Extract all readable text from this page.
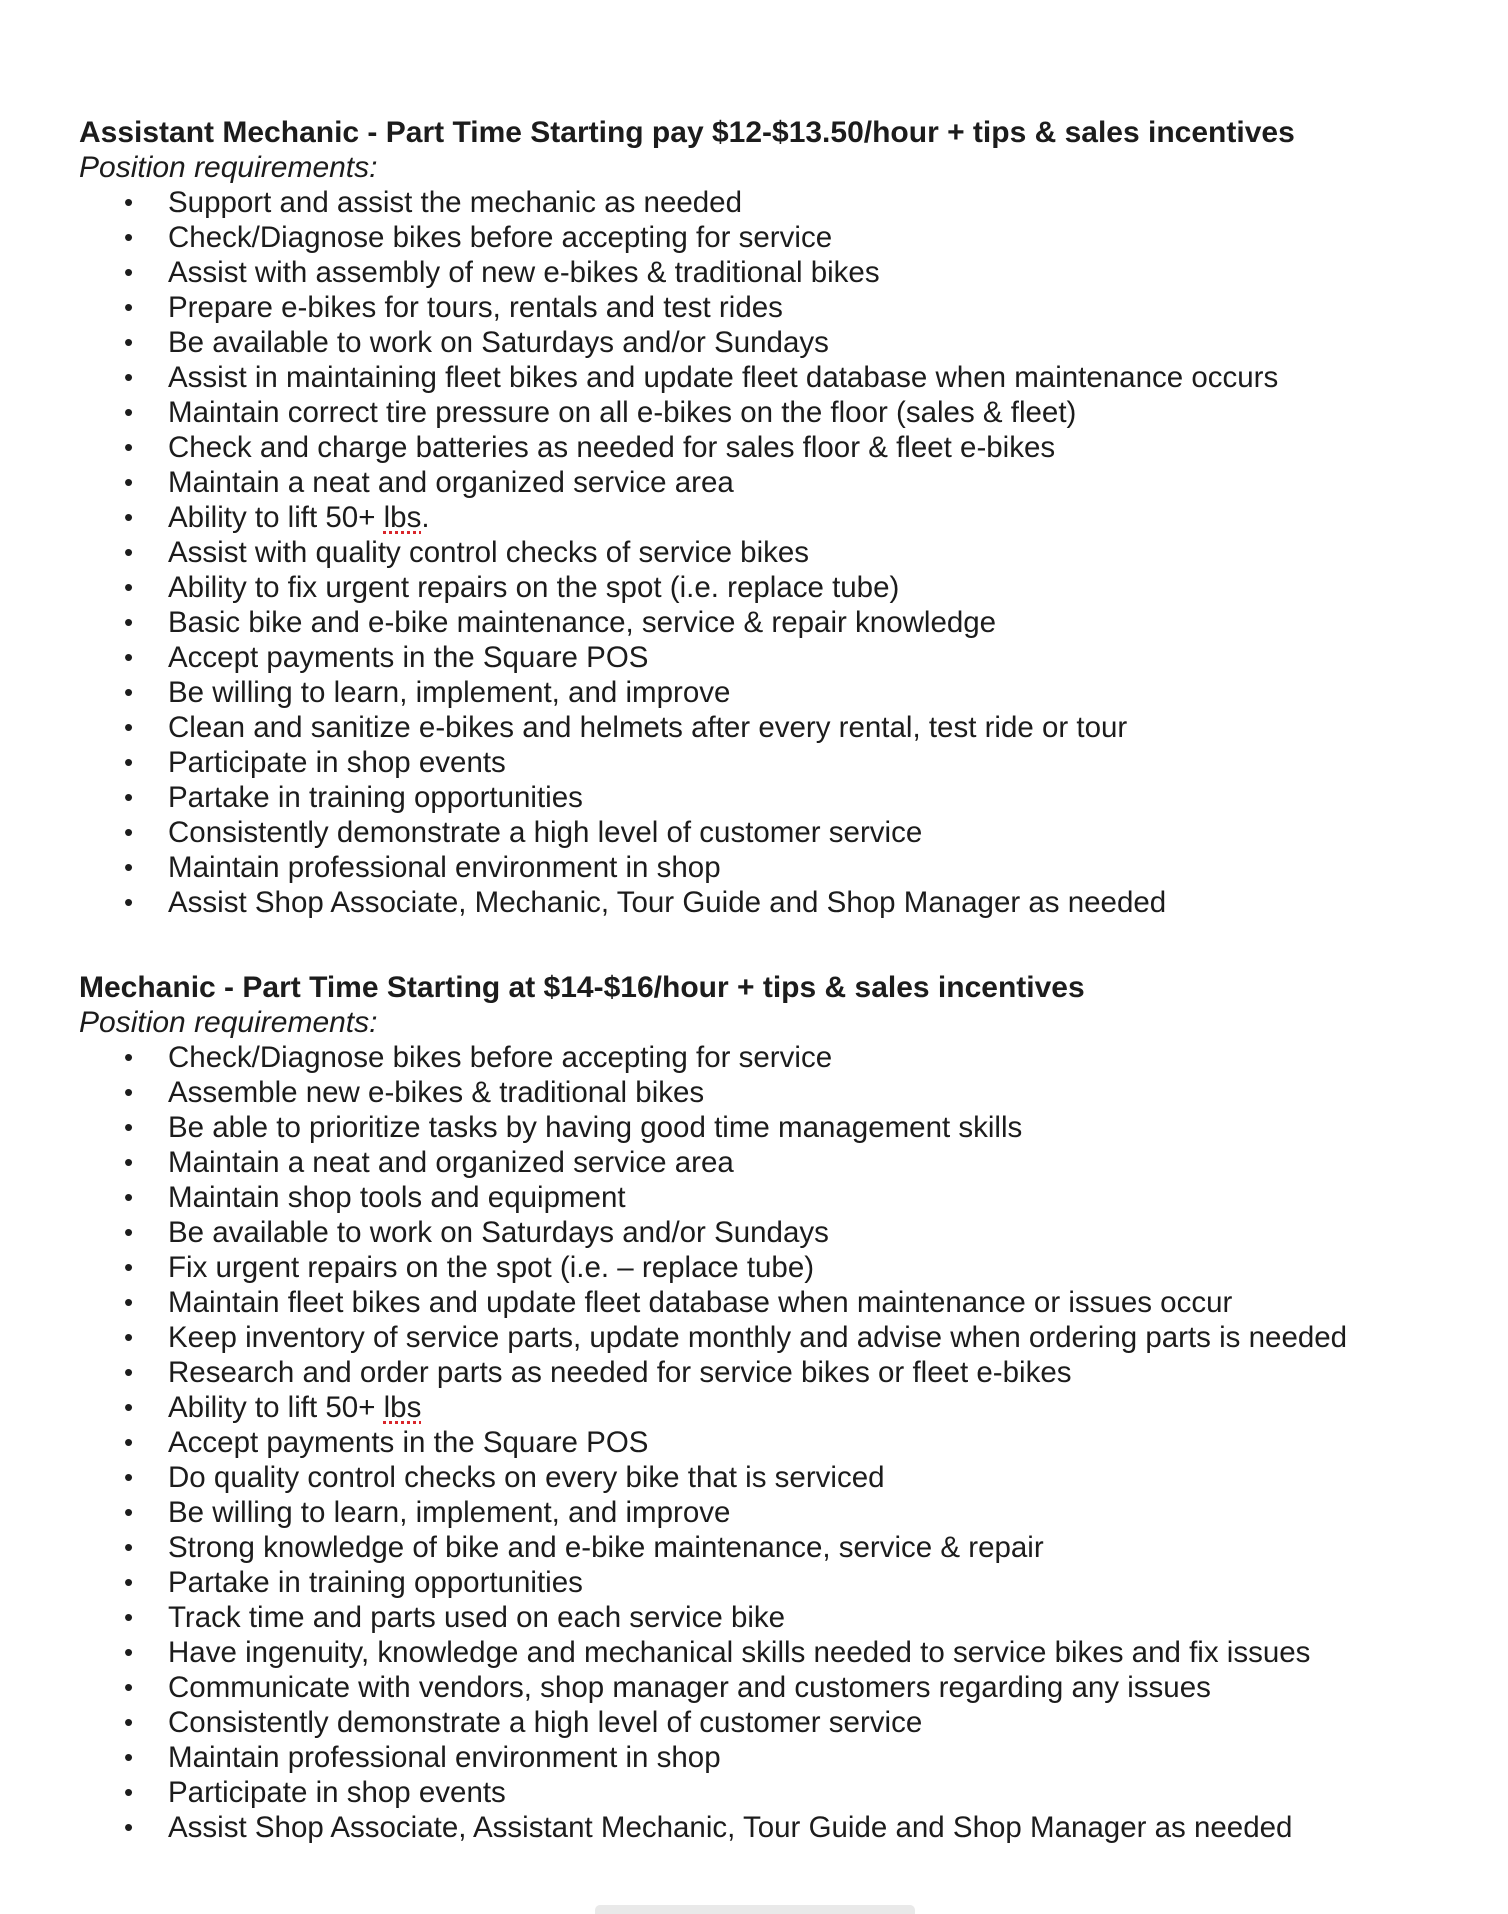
Assistant Mechanic - Part Time Starting pay $12-$13.50/hour + tips & sales incentives

Position requirements:

• Support and assist the mechanic as needed
• Check/Diagnose bikes before accepting for service
• Assist with assembly of new e-bikes & traditional bikes
• Prepare e-bikes for tours, rentals and test rides
• Be available to work on Saturdays and/or Sundays
• Assist in maintaining fleet bikes and update fleet database when maintenance occurs
• Maintain correct tire pressure on all e-bikes on the floor (sales & fleet)
• Check and charge batteries as needed for sales floor & fleet e-bikes
• Maintain a neat and organized service area
• Ability to lift 50+ lbs.
• Assist with quality control checks of service bikes
• Ability to fix urgent repairs on the spot (i.e. replace tube)
• Basic bike and e-bike maintenance, service & repair knowledge
• Accept payments in the Square POS
• Be willing to learn, implement, and improve
• Clean and sanitize e-bikes and helmets after every rental, test ride or tour
• Participate in shop events
• Partake in training opportunities
• Consistently demonstrate a high level of customer service
• Maintain professional environment in shop
• Assist Shop Associate, Mechanic, Tour Guide and Shop Manager as needed

Mechanic - Part Time Starting at $14-$16/hour + tips & sales incentives

Position requirements:

• Check/Diagnose bikes before accepting for service
• Assemble new e-bikes & traditional bikes
• Be able to prioritize tasks by having good time management skills
• Maintain a neat and organized service area
• Maintain shop tools and equipment
• Be available to work on Saturdays and/or Sundays
• Fix urgent repairs on the spot (i.e. – replace tube)
• Maintain fleet bikes and update fleet database when maintenance or issues occur
• Keep inventory of service parts, update monthly and advise when ordering parts is needed
• Research and order parts as needed for service bikes or fleet e-bikes
• Ability to lift 50+ lbs
• Accept payments in the Square POS
• Do quality control checks on every bike that is serviced
• Be willing to learn, implement, and improve
• Strong knowledge of bike and e-bike maintenance, service & repair
• Partake in training opportunities
• Track time and parts used on each service bike
• Have ingenuity, knowledge and mechanical skills needed to service bikes and fix issues
• Communicate with vendors, shop manager and customers regarding any issues
• Consistently demonstrate a high level of customer service
• Maintain professional environment in shop
• Participate in shop events
• Assist Shop Associate, Assistant Mechanic, Tour Guide and Shop Manager as needed
